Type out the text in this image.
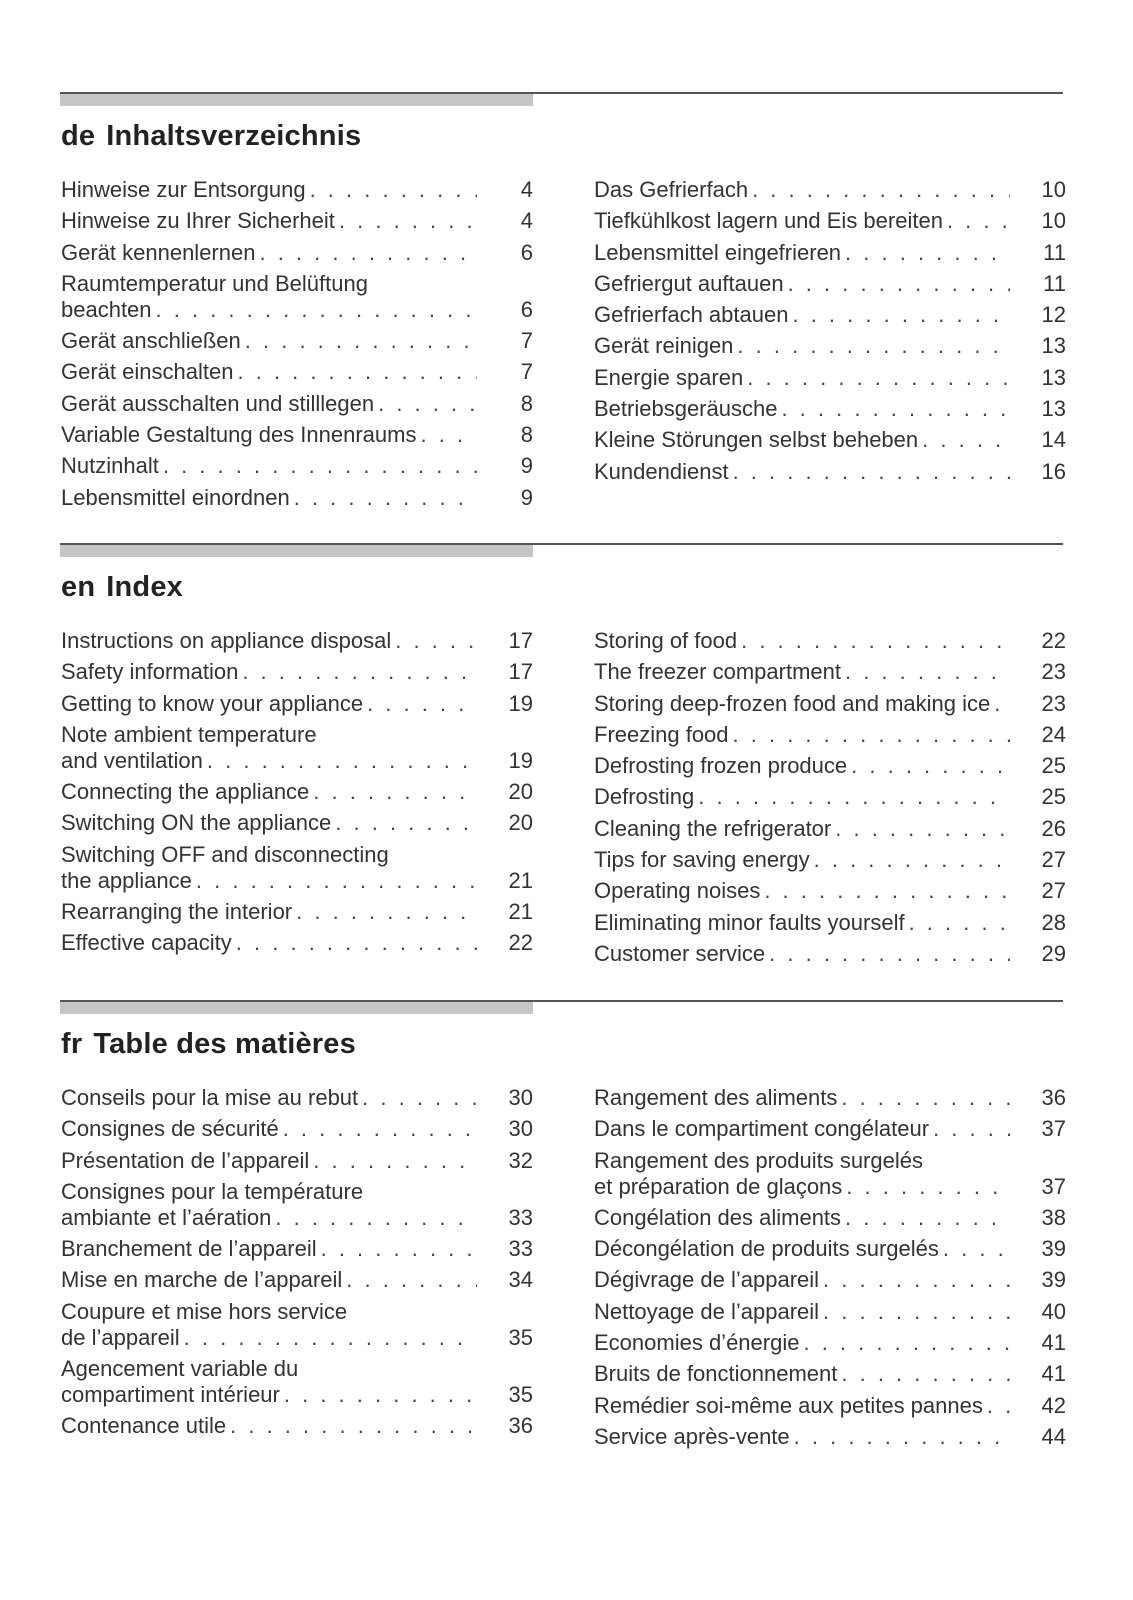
de Inhaltsverzeichnis
Hinweise zur Entsorgung . . .	4
Hinweise zu Ihrer Sicherheit . . .	4
Gerät kennenlernen . . .	6
Raumtemperatur und Belüftung
beachten . . .	6
Gerät anschließen . . .	7
Gerät einschalten . . .	7
Gerät ausschalten und stilllegen . . .	8
Variable Gestaltung des Innenraums . . .	8
Nutzinhalt . . .	9
Lebensmittel einordnen . . .	9
Das Gefrierfach . . .	10
Tiefkühlkost lagern und Eis bereiten . . .	10
Lebensmittel eingefrieren . . .	11
Gefriergut auftauen . . .	11
Gefrierfach abtauen . . .	12
Gerät reinigen . . .	13
Energie sparen . . .	13
Betriebsgeräusche . . .	13
Kleine Störungen selbst beheben . . .	14
Kundendienst . . .	16
en Index
Instructions on appliance disposal . . .	17
Safety information . . .	17
Getting to know your appliance . . .	19
Note ambient temperature
and ventilation . . .	19
Connecting the appliance . . .	20
Switching ON the appliance . . .	20
Switching OFF and disconnecting
the appliance . . .	21
Rearranging the interior . . .	21
Effective capacity . . .	22
Storing of food . . .	22
The freezer compartment . . .	23
Storing deep-frozen food and making ice . . .	23
Freezing food . . .	24
Defrosting frozen produce . . .	25
Defrosting . . .	25
Cleaning the refrigerator . . .	26
Tips for saving energy . . .	27
Operating noises . . .	27
Eliminating minor faults yourself . . .	28
Customer service . . .	29
fr Table des matières
Conseils pour la mise au rebut . . .	30
Consignes de sécurité . . .	30
Présentation de l’appareil . . .	32
Consignes pour la température
ambiante et l’aération . . .	33
Branchement de l’appareil . . .	33
Mise en marche de l’appareil . . .	34
Coupure et mise hors service
de l’appareil . . .	35
Agencement variable du
compartiment intérieur . . .	35
Contenance utile . . .	36
Rangement des aliments . . .	36
Dans le compartiment congélateur . . .	37
Rangement des produits surgelés
et préparation de glaçons . . .	37
Congélation des aliments . . .	38
Décongélation de produits surgelés . . .	39
Dégivrage de l’appareil . . .	39
Nettoyage de l’appareil . . .	40
Economies d’énergie . . .	41
Bruits de fonctionnement . . .	41
Remédier soi-même aux petites pannes . . .	42
Service après-vente . . .	44
